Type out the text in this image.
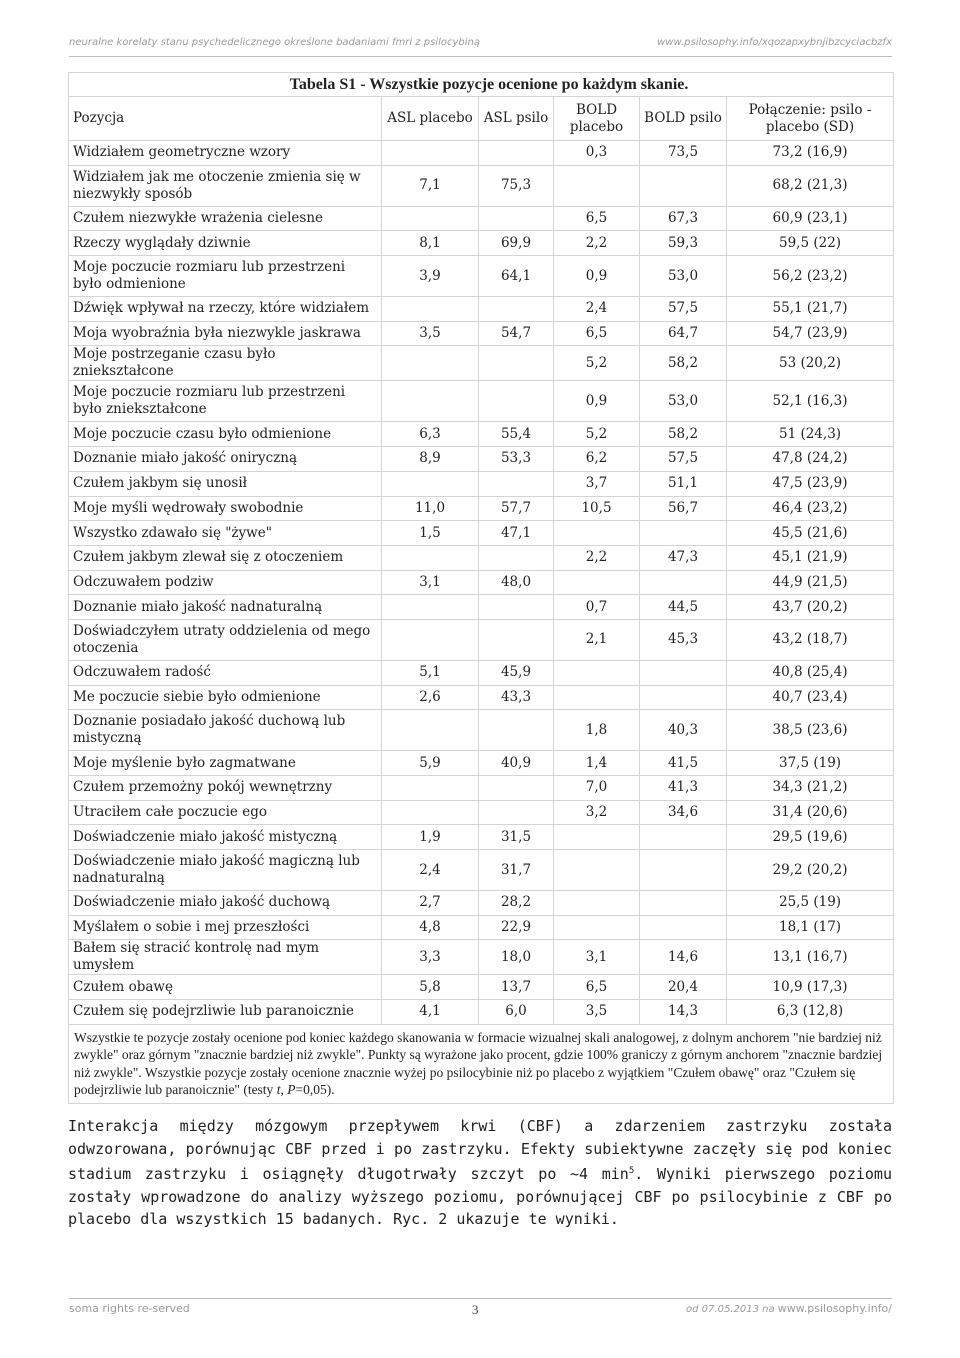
neuralne korelaty stanu psychedelicznego określone badaniami fmri z psilocybiną	www.psilosophy.info/xqozapxybnjibzcyciacbzfx
Tabela S1 - Wszystkie pozycje ocenione po każdym skanie.					
Pozycja	ASL placebo	ASL psilo	BOLD placebo	BOLD psilo	Połączenie: psilo - placebo (SD)
Widziałem geometryczne wzory			0,3	73,5	73,2 (16,9)
Widziałem jak me otoczenie zmienia się w niezwykły sposób	7,1	75,3			68,2 (21,3)
Czułem niezwykłe wrażenia cielesne			6,5	67,3	60,9 (23,1)
Rzeczy wyglądały dziwnie	8,1	69,9	2,2	59,3	59,5 (22)
Moje poczucie rozmiaru lub przestrzeni było odmienione	3,9	64,1	0,9	53,0	56,2 (23,2)
Dźwięk wpływał na rzeczy, które widziałem			2,4	57,5	55,1 (21,7)
Moja wyobraźnia była niezwykle jaskrawa	3,5	54,7	6,5	64,7	54,7 (23,9)
Moje postrzeganie czasu było zniekształcone			5,2	58,2	53 (20,2)
Moje poczucie rozmiaru lub przestrzeni było zniekształcone			0,9	53,0	52,1 (16,3)
Moje poczucie czasu było odmienione	6,3	55,4	5,2	58,2	51 (24,3)
Doznanie miało jakość oniryczną	8,9	53,3	6,2	57,5	47,8 (24,2)
Czułem jakbym się unosił			3,7	51,1	47,5 (23,9)
Moje myśli wędrowały swobodnie	11,0	57,7	10,5	56,7	46,4 (23,2)
Wszystko zdawało się "żywe"	1,5	47,1			45,5 (21,6)
Czułem jakbym zlewał się z otoczeniem			2,2	47,3	45,1 (21,9)
Odczuwałem podziw	3,1	48,0			44,9 (21,5)
Doznanie miało jakość nadnaturalną			0,7	44,5	43,7 (20,2)
Doświadczyłem utraty oddzielenia od mego otoczenia			2,1	45,3	43,2 (18,7)
Odczuwałem radość	5,1	45,9			40,8 (25,4)
Me poczucie siebie było odmienione	2,6	43,3			40,7 (23,4)
Doznanie posiadało jakość duchową lub mistyczną			1,8	40,3	38,5 (23,6)
Moje myślenie było zagmatwane	5,9	40,9	1,4	41,5	37,5 (19)
Czułem przemożny pokój wewnętrzny			7,0	41,3	34,3 (21,2)
Utraciłem całe poczucie ego			3,2	34,6	31,4 (20,6)
Doświadczenie miało jakość mistyczną	1,9	31,5			29,5 (19,6)
Doświadczenie miało jakość magiczną lub nadnaturalną	2,4	31,7			29,2 (20,2)
Doświadczenie miało jakość duchową	2,7	28,2			25,5 (19)
Myślałem o sobie i mej przeszłości	4,8	22,9			18,1 (17)
Bałem się stracić kontrolę nad mym umysłem	3,3	18,0	3,1	14,6	13,1 (16,7)
Czułem obawę	5,8	13,7	6,5	20,4	10,9 (17,3)
Czułem się podejrzliwie lub paranoicznie	4,1	6,0	3,5	14,3	6,3 (12,8)
Wszystkie te pozycje zostały ocenione pod koniec każdego skanowania w formacie wizualnej skali analogowej, z dolnym anchorem "nie bardziej niż zwykle" oraz górnym "znacznie bardziej niż zwykle". Punkty są wyrażone jako procent, gdzie 100% graniczy z górnym anchorem "znacznie bardziej niż zwykle". Wszystkie pozycje zostały ocenione znacznie wyżej po psilocybinie niż po placebo z wyjątkiem "Czułem obawę" oraz "Czułem się podejrzliwie lub paranoicznie" (testy t, P=0,05).					
Interakcja między mózgowym przepływem krwi (CBF) a zdarzeniem zastrzyku została odwzorowana, porównując CBF przed i po zastrzyku. Efekty subiektywne zaczęły się pod koniec stadium zastrzyku i osiągnęły długotrwały szczyt po ~4 $\min^5$. Wyniki pierwszego poziomu zostały wprowadzone do analizy wyższego poziomu, porównującej CBF po psilocybinie z CBF po placebo dla wszystkich 15 badanych. Ryc. 2 ukazuje te wyniki.
soma rights re-served	3	od 07.05.2013 na www.psilosophy.info/
